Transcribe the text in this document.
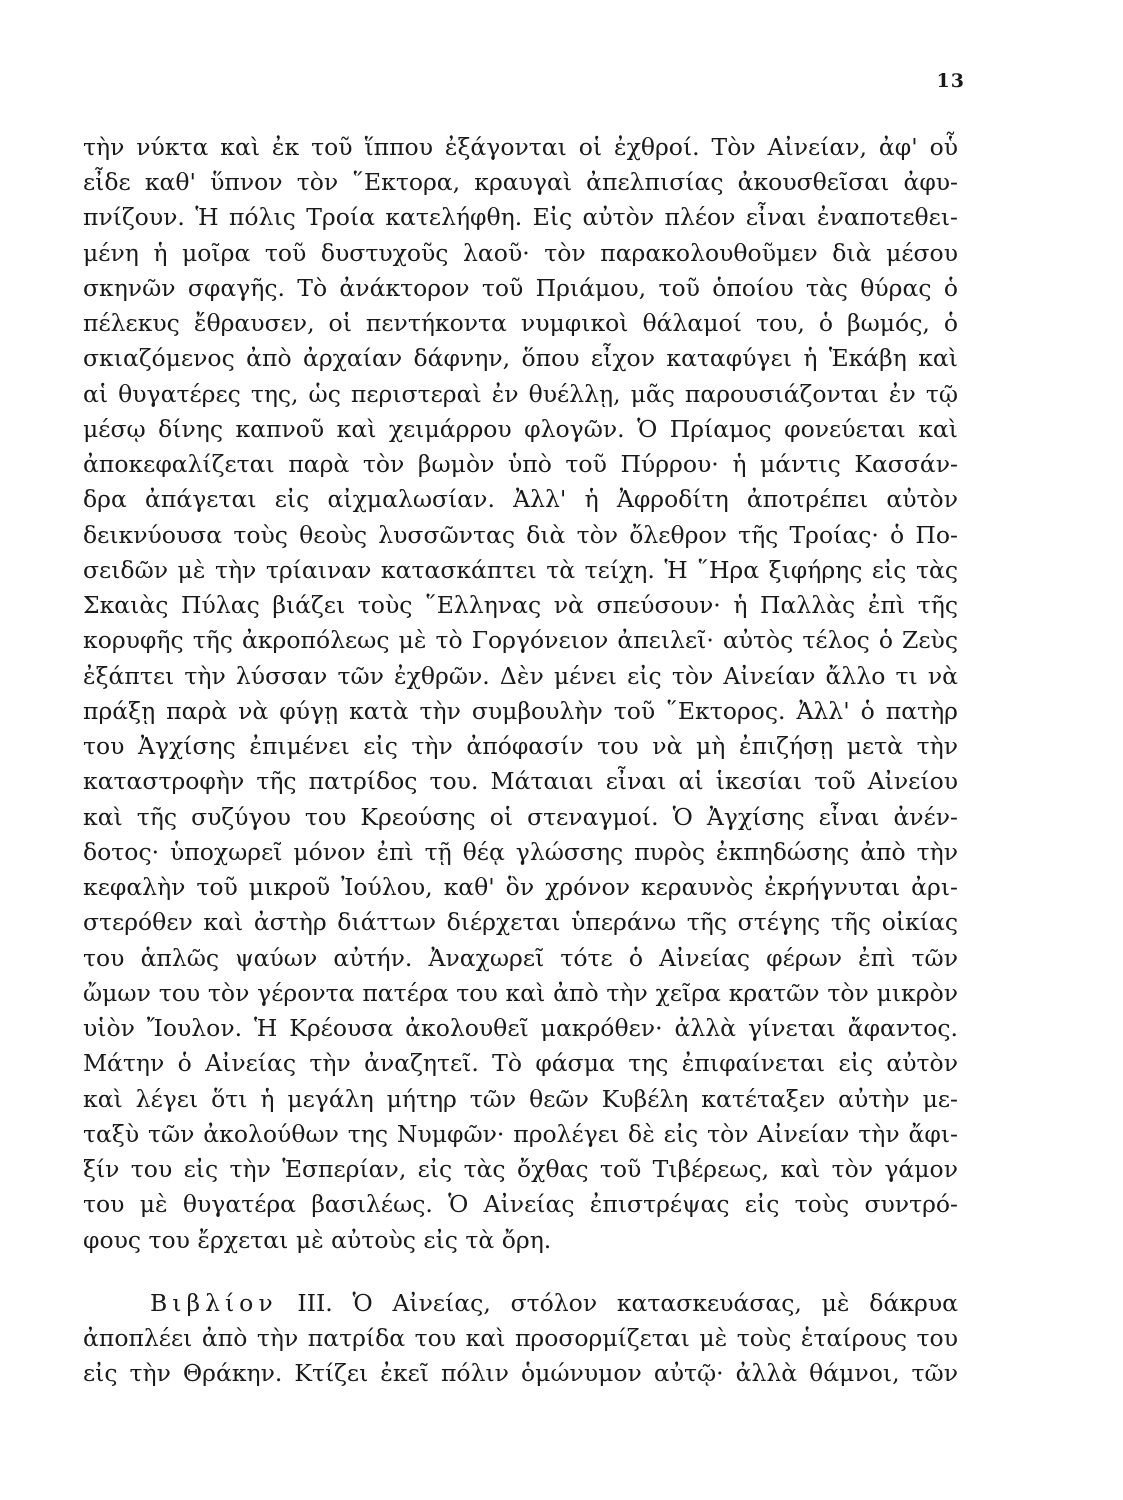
13
τὴν νύκτα καὶ ἐκ τοῦ ἵππου ἐξάγονται οἱ ἐχθροί. Τὸν Αἰνείαν, ἀφ' οὗ
εἶδε καθ' ὕπνον τὸν ῞Εκτορα, κραυγαὶ ἀπελπισίας ἀκουσθεῖσαι ἀφυ-
πνίζουν. Ἡ πόλις Τροία κατελήφθη. Εἰς αὐτὸν πλέον εἶναι ἐναποτεθει-
μένη ἡ μοῖρα τοῦ δυστυχοῦς λαοῦ· τὸν παρακολουθοῦμεν διὰ μέσου
σκηνῶν σφαγῆς. Τὸ ἀνάκτορον τοῦ Πριάμου, τοῦ ὁποίου τὰς θύρας ὁ
πέλεκυς ἔθραυσεν, οἱ πεντήκοντα νυμφικοὶ θάλαμοί του, ὁ βωμός, ὁ
σκιαζόμενος ἀπὸ ἀρχαίαν δάφνην, ὅπου εἶχον καταφύγει ἡ Ἑκάβη καὶ
αἱ θυγατέρες της, ὡς περιστεραὶ ἐν θυέλλῃ, μᾶς παρουσιάζονται ἐν τῷ
μέσῳ δίνης καπνοῦ καὶ χειμάρρου φλογῶν. Ὁ Πρίαμος φονεύεται καὶ
ἀποκεφαλίζεται παρὰ τὸν βωμὸν ὑπὸ τοῦ Πύρρου· ἡ μάντις Κασσάν-
δρα ἀπάγεται εἰς αἰχμαλωσίαν. Ἀλλ' ἡ Ἀφροδίτη ἀποτρέπει αὐτὸν
δεικνύουσα τοὺς θεοὺς λυσσῶντας διὰ τὸν ὄλεθρον τῆς Τροίας· ὁ Πο-
σειδῶν μὲ τὴν τρίαιναν κατασκάπτει τὰ τείχη. Ἡ ῞Ηρα ξιφήρης εἰς τὰς
Σκαιὰς Πύλας βιάζει τοὺς ῞Ελληνας νὰ σπεύσουν· ἡ Παλλὰς ἐπὶ τῆς
κορυφῆς τῆς ἀκροπόλεως μὲ τὸ Γοργόνειον ἀπειλεῖ· αὐτὸς τέλος ὁ Ζεὺς
ἐξάπτει τὴν λύσσαν τῶν ἐχθρῶν. Δὲν μένει εἰς τὸν Αἰνείαν ἄλλο τι νὰ
πράξῃ παρὰ νὰ φύγῃ κατὰ τὴν συμβουλὴν τοῦ ῞Εκτορος. Ἀλλ' ὁ πατὴρ
του Ἀγχίσης ἐπιμένει εἰς τὴν ἀπόφασίν του νὰ μὴ ἐπιζήσῃ μετὰ τὴν
καταστροφὴν τῆς πατρίδος του. Μάταιαι εἶναι αἱ ἱκεσίαι τοῦ Αἰνείου
καὶ τῆς συζύγου του Κρεούσης οἱ στεναγμοί. Ὁ Ἀγχίσης εἶναι ἀνέν-
δοτος· ὑποχωρεῖ μόνον ἐπὶ τῇ θέᾳ γλώσσης πυρὸς ἐκπηδώσης ἀπὸ τὴν
κεφαλὴν τοῦ μικροῦ Ἰούλου, καθ' ὃν χρόνον κεραυνὸς ἐκρήγνυται ἀρι-
στερόθεν καὶ ἀστὴρ διάττων διέρχεται ὑπεράνω τῆς στέγης τῆς οἰκίας
του ἁπλῶς ψαύων αὐτήν. Ἀναχωρεῖ τότε ὁ Αἰνείας φέρων ἐπὶ τῶν
ὤμων του τὸν γέροντα πατέρα του καὶ ἀπὸ τὴν χεῖρα κρατῶν τὸν μικρὸν
υἱὸν Ἴουλον. Ἡ Κρέουσα ἀκολουθεῖ μακρόθεν· ἀλλὰ γίνεται ἄφαντος.
Μάτην ὁ Αἰνείας τὴν ἀναζητεῖ. Τὸ φάσμα της ἐπιφαίνεται εἰς αὐτὸν
καὶ λέγει ὅτι ἡ μεγάλη μήτηρ τῶν θεῶν Κυβέλη κατέταξεν αὐτὴν με-
ταξὺ τῶν ἀκολούθων της Νυμφῶν· προλέγει δὲ εἰς τὸν Αἰνείαν τὴν ἄφι-
ξίν του εἰς τὴν Ἑσπερίαν, εἰς τὰς ὄχθας τοῦ Τιβέρεως, καὶ τὸν γάμον
του μὲ θυγατέρα βασιλέως. Ὁ Αἰνείας ἐπιστρέψας εἰς τοὺς συντρό-
φους του ἔρχεται μὲ αὐτοὺς εἰς τὰ ὄρη.
Βιβλίον III. Ὁ Αἰνείας, στόλον κατασκευάσας, μὲ δάκρυα
ἀποπλέει ἀπὸ τὴν πατρίδα του καὶ προσορμίζεται μὲ τοὺς ἑταίρους του
εἰς τὴν Θράκην. Κτίζει ἐκεῖ πόλιν ὁμώνυμον αὐτῷ· ἀλλὰ θάμνοι, τῶν
